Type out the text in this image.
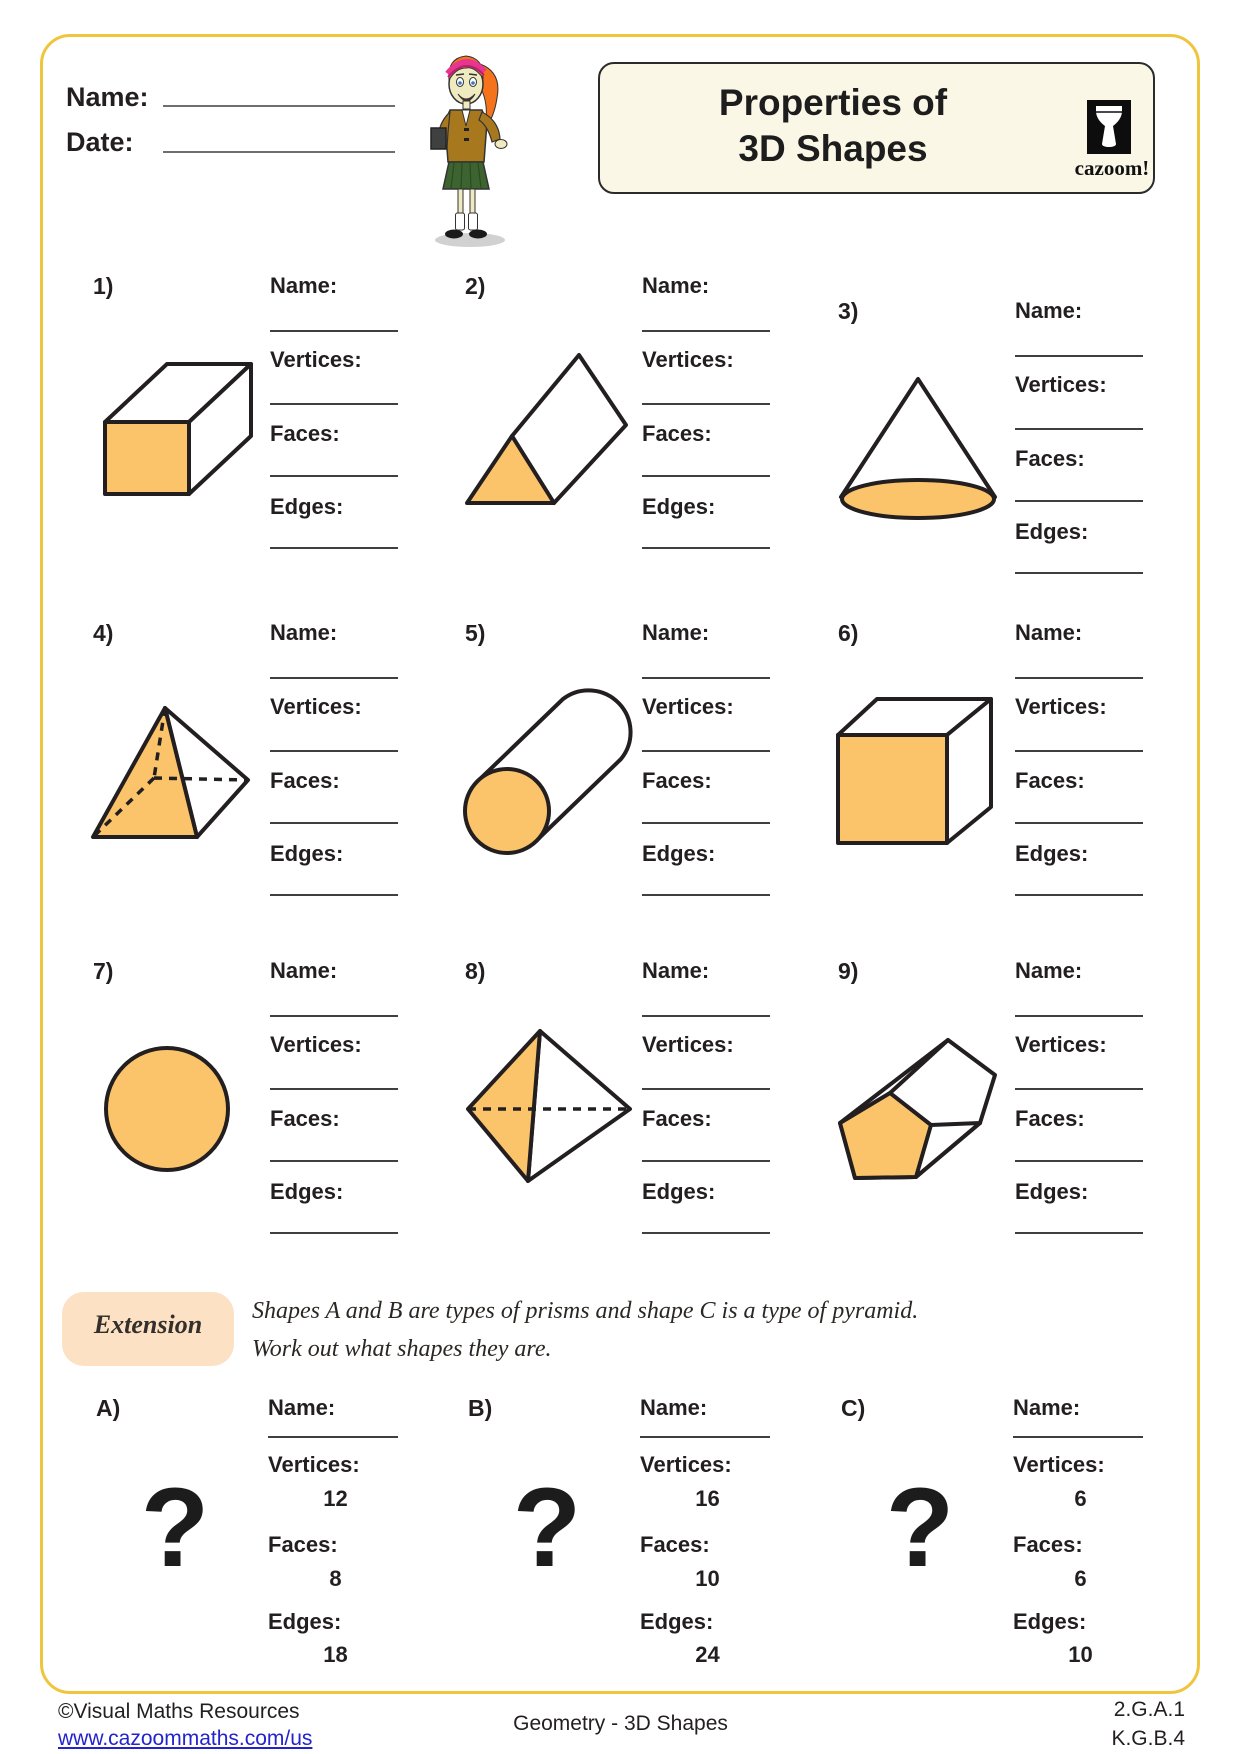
Name:
Date:
Properties of
3D Shapes	cazoom!
1)	Name:
Vertices:
Faces:
Edges:
2)	Name:
Vertices:
Faces:
Edges:
3)	Name:
Vertices:
Faces:
Edges:
4)	Name:
Vertices:
Faces:
Edges:
5)	Name:
Vertices:
Faces:
Edges:
6)	Name:
Vertices:
Faces:
Edges:
7)	Name:
Vertices:
Faces:
Edges:
8)	Name:
Vertices:
Faces:
Edges:
9)	Name:
Vertices:
Faces:
Edges:
Extension	Shapes A and B are types of prisms and shape C is a type of pyramid.
Work out what shapes they are.
A)
?
Name:
Vertices:
12
Faces:
8
Edges:
18
B)
?
Name:
Vertices:
16
Faces:
10
Edges:
24
C)
?
Name:
Vertices:
6
Faces:
6
Edges:
10
©Visual Maths Resources
www.cazoommaths.com/us
Geometry - 3D Shapes
2.G.A.1
K.G.B.4
